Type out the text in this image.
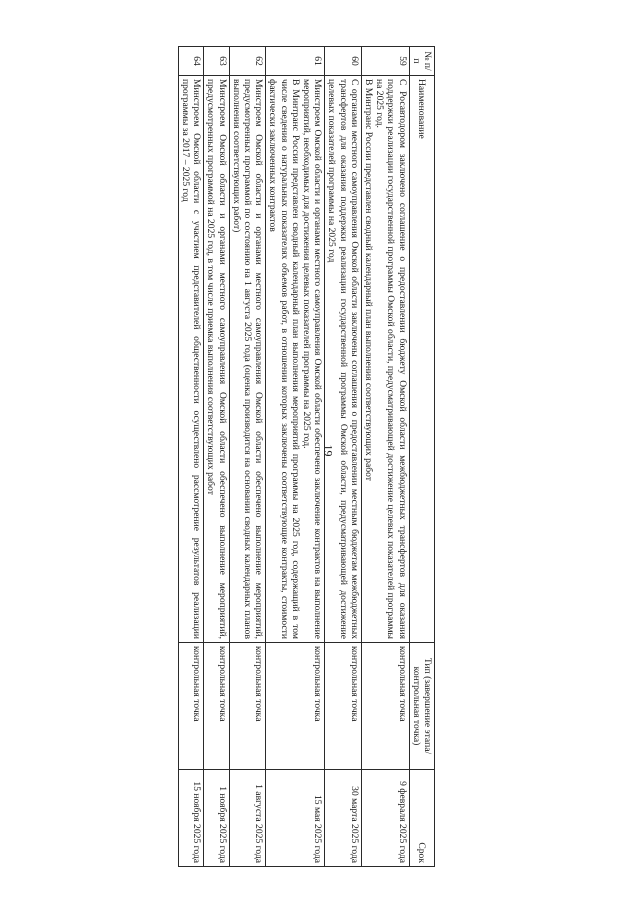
19
№ п/п	Наименование	Тип (завершение этапа/контрольная точка)	Срок
59	С Росавтодором заключено соглашение о предоставлении бюджету Омской области межбюджетных трансфертов для оказания поддержки реализации государственной программы Омской области, предусматривающей достижение целевых показателей программы на 2025 год.
В Минтранс России представлен сводный календарный план выполнения соответствующих работ	контрольная точка	9 февраля 2025 года
60	С органами местного самоуправления Омской области заключены соглашения о предоставлении местным бюджетам межбюджетных трансфертов для оказания поддержки реализации государственной программы Омской области, предусматривающей достижение целевых показателей программы на 2025 год	контрольная точка	30 марта 2025 года
61	Минстроем Омской области и органами местного самоуправления Омской области обеспечено заключение контрактов на выполнение мероприятий, необходимых для достижения целевых показателей программы на 2025 год.
В Минтранс России представлен сводный календарный план выполнения мероприятий программы на 2025 год, содержащий в том числе сведения о натуральных показателях объемов работ, в отношении которых заключены соответствующие контракты, стоимости фактически заключенных контрактов	контрольная точка	15 мая 2025 года
62	Минстроем Омской области и органами местного самоуправления Омской области обеспечено выполнение мероприятий, предусмотренных программой по состоянию на 1 августа 2025 года (оценка производится на основании сводных календарных планов выполнения соответствующих работ)	контрольная точка	1 августа 2025 года
63	Минстроем Омской области и органами местного самоуправления Омской области обеспечено выполнение мероприятий, предусмотренных программой на 2025 год, в том числе приемка выполнения соответствующих работ	контрольная точка	1 ноября 2025 года
64	Минстроем Омской области с участием представителей общественности осуществлено рассмотрение результатов реализации программы за 2017 – 2025 год	контрольная точка	15 ноября 2025 года
